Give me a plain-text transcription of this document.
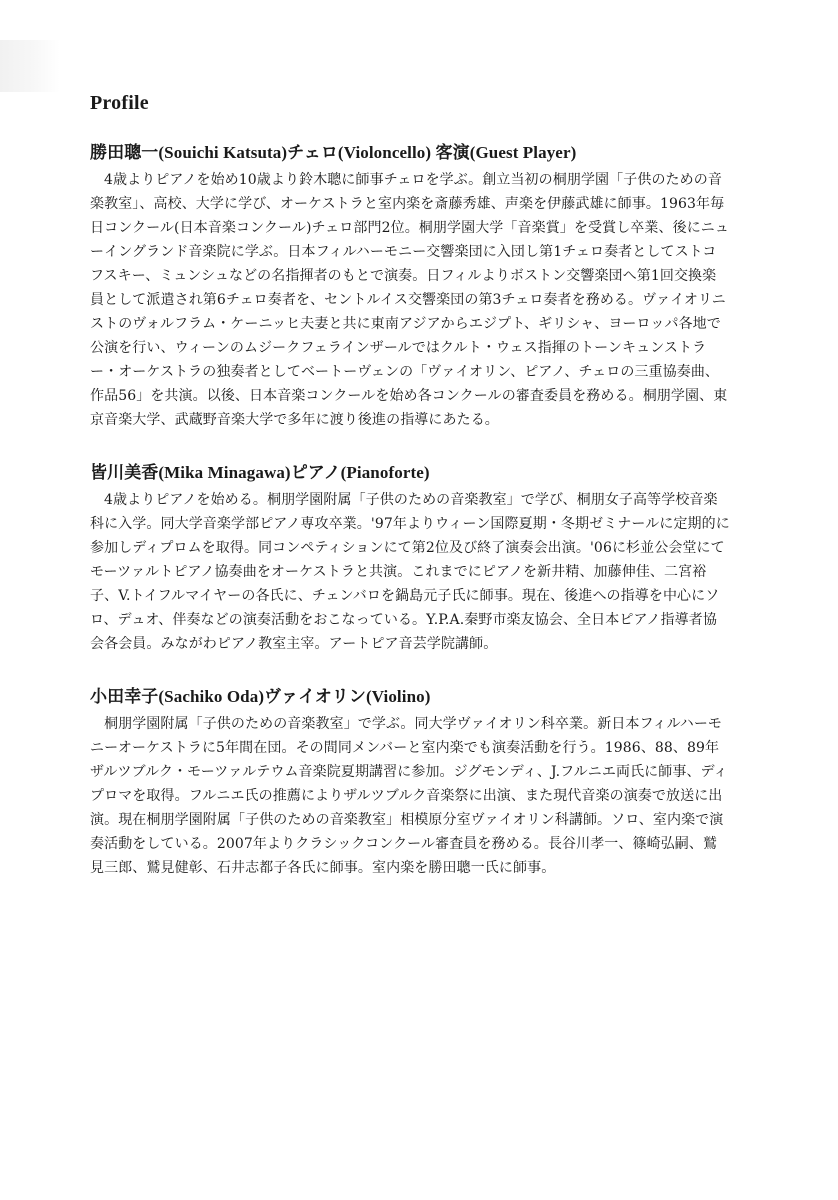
Profile
勝田聰一(Souichi Katsuta)チェロ(Violoncello) 客演(Guest Player)
4歳よりピアノを始め10歳より鈴木聰に師事チェロを学ぶ。創立当初の桐朋学園「子供のための音楽教室」、高校、大学に学び、オーケストラと室内楽を斎藤秀雄、声楽を伊藤武雄に師事。1963年毎日コンクール(日本音楽コンクール)チェロ部門2位。桐朋学園大学「音楽賞」を受賞し卒業、後にニューイングランド音楽院に学ぶ。日本フィルハーモニー交響楽団に入団し第1チェロ奏者としてストコフスキー、ミュンシュなどの名指揮者のもとで演奏。日フィルよりボストン交響楽団へ第1回交換楽員として派遣され第6チェロ奏者を、セントルイス交響楽団の第3チェロ奏者を務める。ヴァイオリニストのヴォルフラム・ケーニッヒ夫妻と共に東南アジアからエジプト、ギリシャ、ヨーロッパ各地で公演を行い、ウィーンのムジークフェラインザールではクルト・ウェス指揮のトーンキュンストラー・オーケストラの独奏者としてベートーヴェンの「ヴァイオリン、ピアノ、チェロの三重協奏曲、作品56」を共演。以後、日本音楽コンクールを始め各コンクールの審査委員を務める。桐朋学園、東京音楽大学、武蔵野音楽大学で多年に渡り後進の指導にあたる。
皆川美香(Mika Minagawa)ピアノ(Pianoforte)
4歳よりピアノを始める。桐朋学園附属「子供のための音楽教室」で学び、桐朋女子高等学校音楽科に入学。同大学音楽学部ピアノ専攻卒業。'97年よりウィーン国際夏期・冬期ゼミナールに定期的に参加しディプロムを取得。同コンペティションにて第2位及び終了演奏会出演。'06に杉並公会堂にてモーツァルトピアノ協奏曲をオーケストラと共演。これまでにピアノを新井精、加藤伸佳、二宮裕子、V.トイフルマイヤーの各氏に、チェンバロを鍋島元子氏に師事。現在、後進への指導を中心にソロ、デュオ、伴奏などの演奏活動をおこなっている。Y.P.A.秦野市楽友協会、全日本ピアノ指導者協会各会員。みながわピアノ教室主宰。アートピア音芸学院講師。
小田幸子(Sachiko Oda)ヴァイオリン(Violino)
桐朋学園附属「子供のための音楽教室」で学ぶ。同大学ヴァイオリン科卒業。新日本フィルハーモニーオーケストラに5年間在団。その間同メンバーと室内楽でも演奏活動を行う。1986、88、89年ザルツブルク・モーツァルテウム音楽院夏期講習に参加。ジグモンディ、J.フルニエ両氏に師事、ディプロマを取得。フルニエ氏の推薦によりザルツブルク音楽祭に出演、また現代音楽の演奏で放送に出演。現在桐朋学園附属「子供のための音楽教室」相模原分室ヴァイオリン科講師。ソロ、室内楽で演奏活動をしている。2007年よりクラシックコンクール審査員を務める。長谷川孝一、篠崎弘嗣、鷲見三郎、鷲見健彰、石井志都子各氏に師事。室内楽を勝田聰一氏に師事。
